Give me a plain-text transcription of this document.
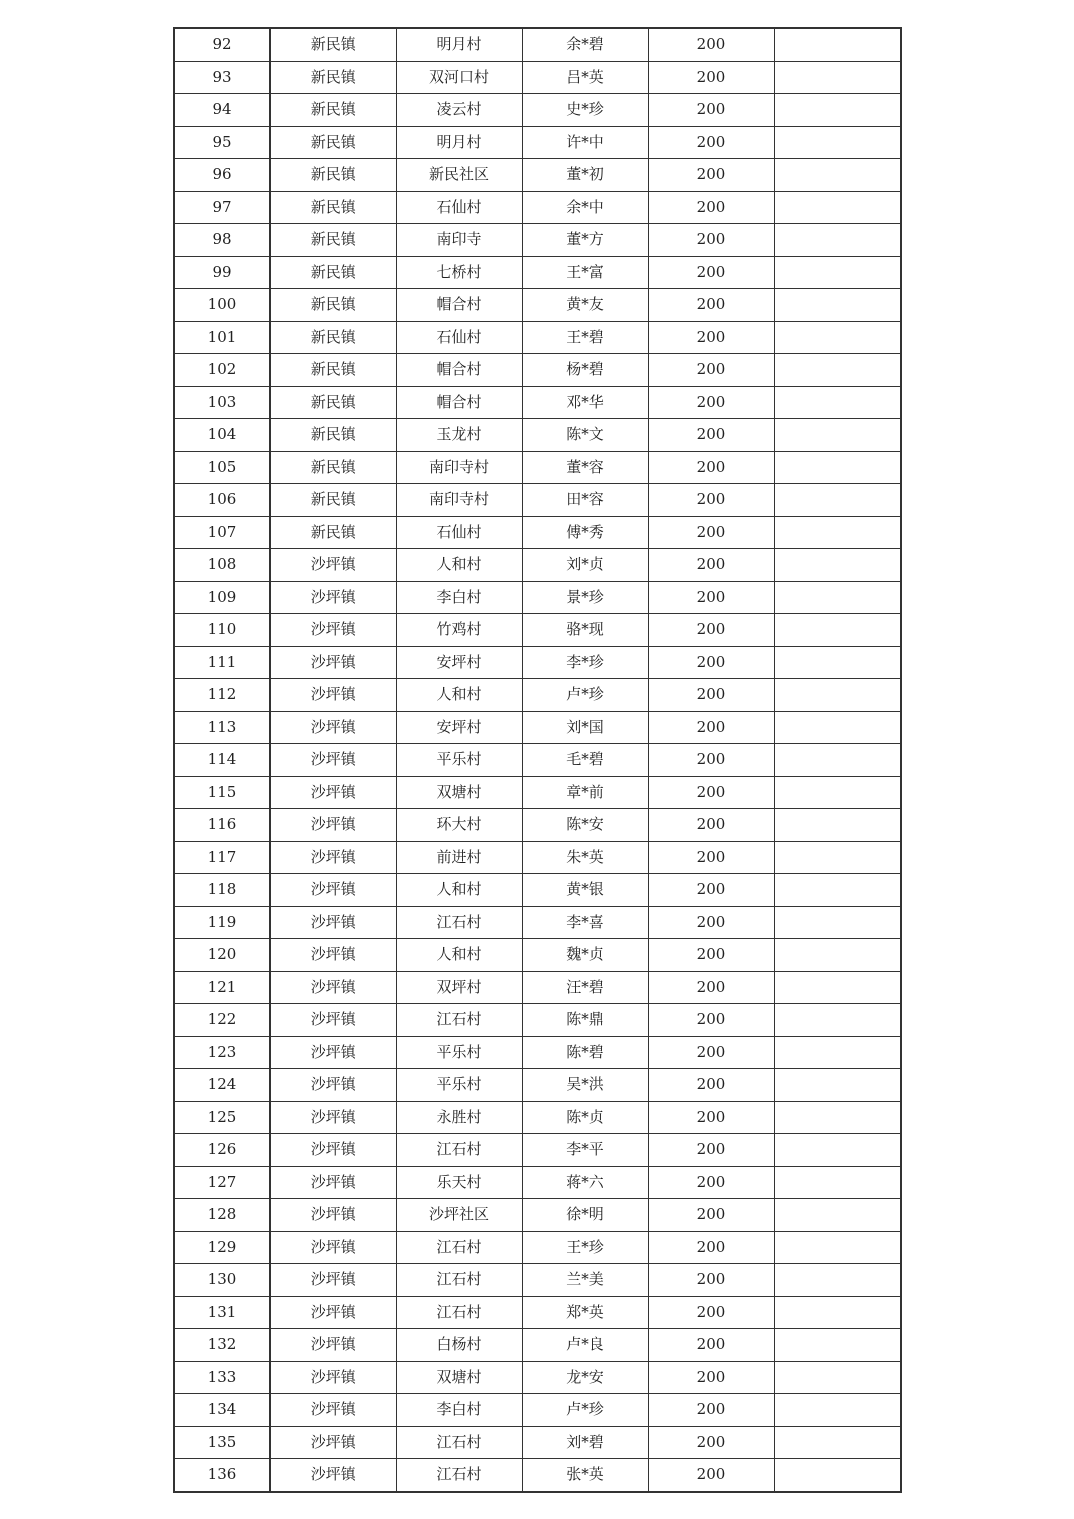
92	新民镇	明月村	余*碧	200	
93	新民镇	双河口村	吕*英	200	
94	新民镇	凌云村	史*珍	200	
95	新民镇	明月村	许*中	200	
96	新民镇	新民社区	董*初	200	
97	新民镇	石仙村	余*中	200	
98	新民镇	南印寺	董*方	200	
99	新民镇	七桥村	王*富	200	
100	新民镇	帽合村	黄*友	200	
101	新民镇	石仙村	王*碧	200	
102	新民镇	帽合村	杨*碧	200	
103	新民镇	帽合村	邓*华	200	
104	新民镇	玉龙村	陈*文	200	
105	新民镇	南印寺村	董*容	200	
106	新民镇	南印寺村	田*容	200	
107	新民镇	石仙村	傅*秀	200	
108	沙坪镇	人和村	刘*贞	200	
109	沙坪镇	李白村	景*珍	200	
110	沙坪镇	竹鸡村	骆*现	200	
111	沙坪镇	安坪村	李*珍	200	
112	沙坪镇	人和村	卢*珍	200	
113	沙坪镇	安坪村	刘*国	200	
114	沙坪镇	平乐村	毛*碧	200	
115	沙坪镇	双塘村	章*前	200	
116	沙坪镇	环大村	陈*安	200	
117	沙坪镇	前进村	朱*英	200	
118	沙坪镇	人和村	黄*银	200	
119	沙坪镇	江石村	李*喜	200	
120	沙坪镇	人和村	魏*贞	200	
121	沙坪镇	双坪村	汪*碧	200	
122	沙坪镇	江石村	陈*鼎	200	
123	沙坪镇	平乐村	陈*碧	200	
124	沙坪镇	平乐村	吴*洪	200	
125	沙坪镇	永胜村	陈*贞	200	
126	沙坪镇	江石村	李*平	200	
127	沙坪镇	乐天村	蒋*六	200	
128	沙坪镇	沙坪社区	徐*明	200	
129	沙坪镇	江石村	王*珍	200	
130	沙坪镇	江石村	兰*美	200	
131	沙坪镇	江石村	郑*英	200	
132	沙坪镇	白杨村	卢*良	200	
133	沙坪镇	双塘村	龙*安	200	
134	沙坪镇	李白村	卢*珍	200	
135	沙坪镇	江石村	刘*碧	200	
136	沙坪镇	江石村	张*英	200	
